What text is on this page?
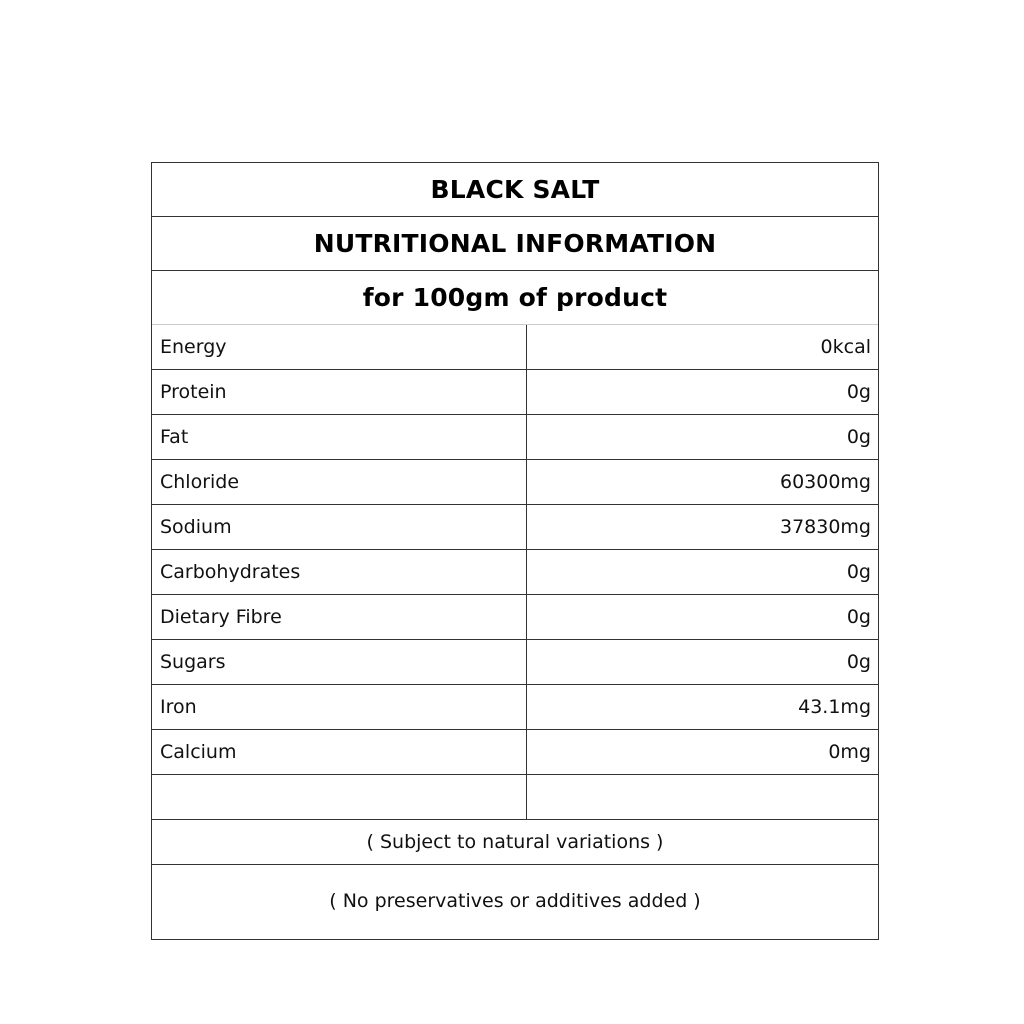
BLACK SALT
NUTRITIONAL INFORMATION
for 100gm of product
Energy	0kcal
Protein	0g
Fat	0g
Chloride	60300mg
Sodium	37830mg
Carbohydrates	0g
Dietary Fibre	0g
Sugars	0g
Iron	43.1mg
Calcium	0mg
( Subject to natural variations )
( No preservatives or additives added )
